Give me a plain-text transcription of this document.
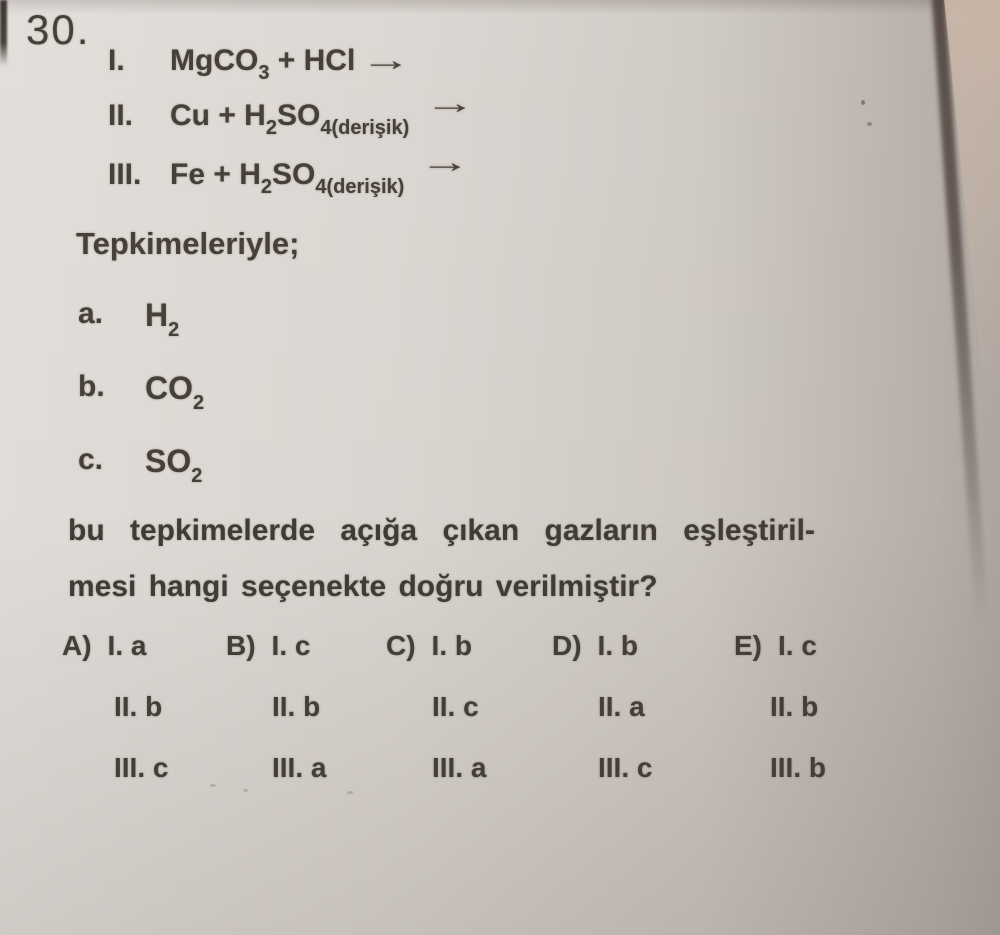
30.
I. MgCO$_3$ + HCl →
II. $Cu + H_2SO_{4(derişik)}\to$
III. $Fe + H_2SO_{4(derişik)}\to$
Tepkimeleriyle;
a.	$H_2$
b.	$CO_2$
c.	$SO_2$
bu tepkimelerde açığa çıkan gazların eşleştiril-
mesi hangi seçenekte doğru verilmiştir?
A) I. a
II. b
III. c
B) I. c
II. b
III. a
C) I. b
II. c
III. a
D) I. b
II. a
III. c
E) I. c
II. b
III. b
